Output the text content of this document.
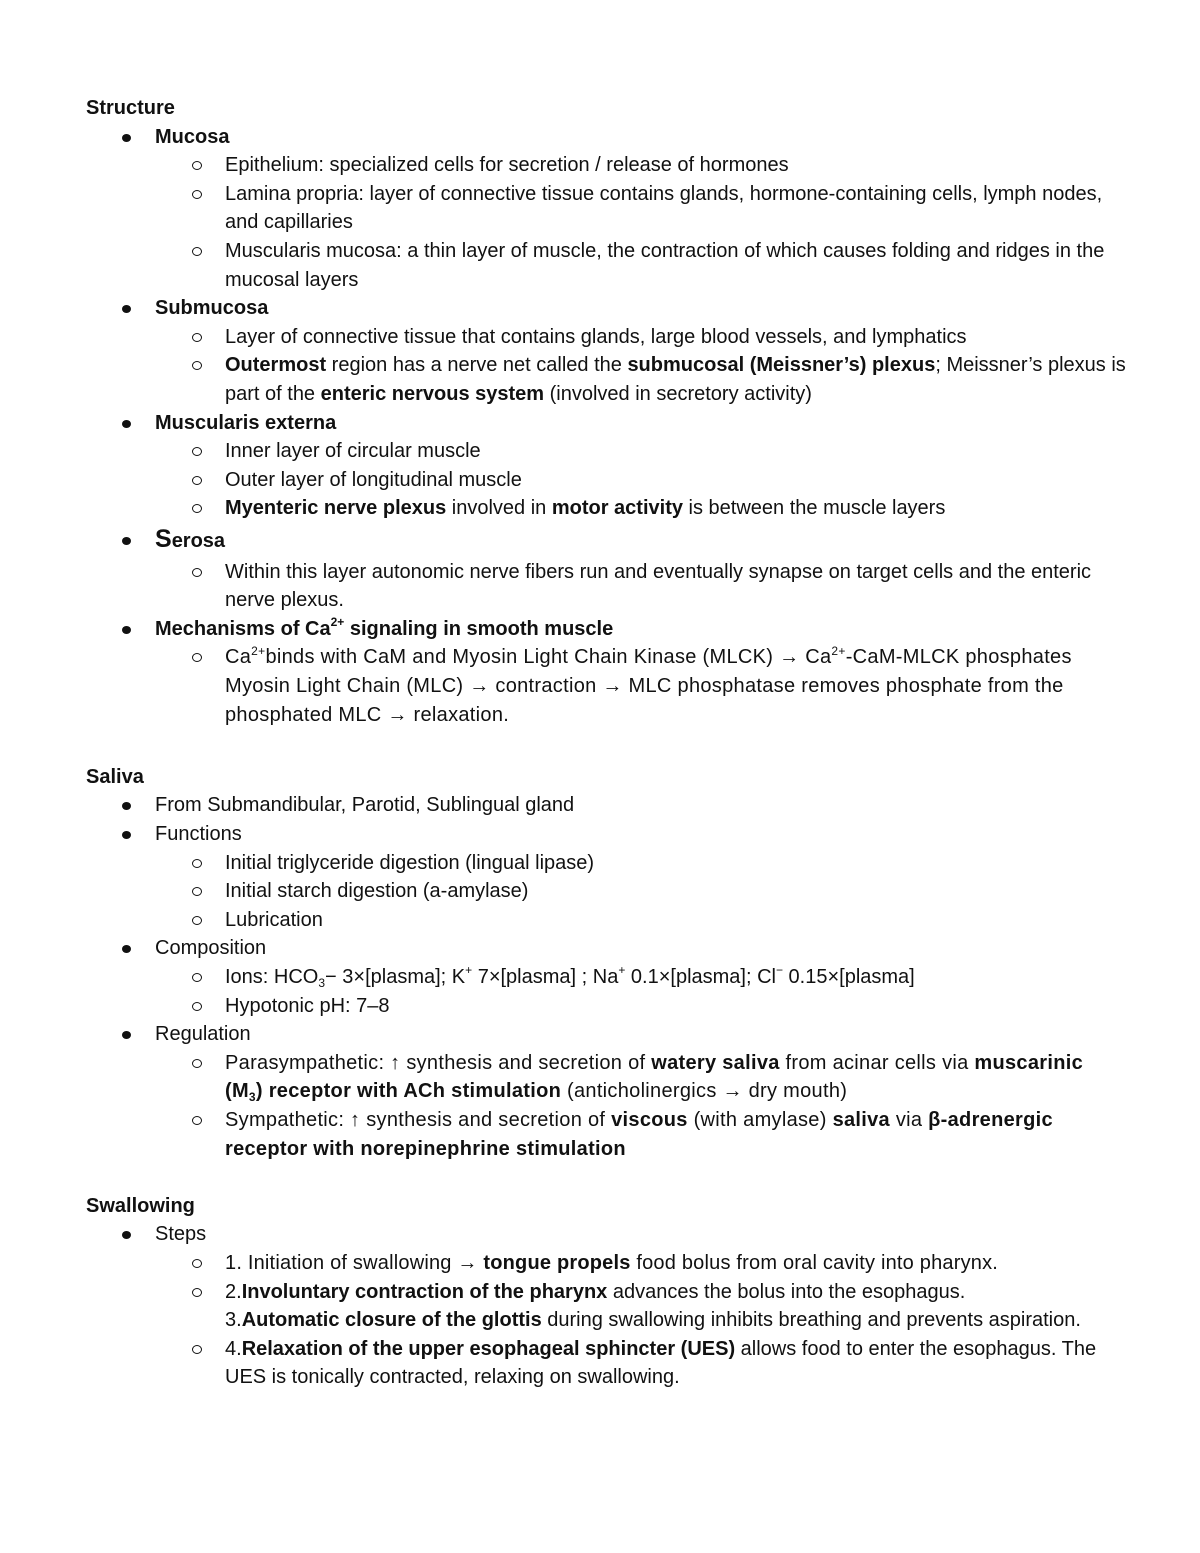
Structure
Mucosa
Epithelium: specialized cells for secretion / release of hormones
Lamina propria: layer of connective tissue contains glands, hormone-containing cells, lymph nodes, and capillaries
Muscularis mucosa: a thin layer of muscle, the contraction of which causes folding and ridges in the mucosal layers
Submucosa
Layer of connective tissue that contains glands, large blood vessels, and lymphatics
Outermost region has a nerve net called the submucosal (Meissner’s) plexus; Meissner’s plexus is part of the enteric nervous system (involved in secretory activity)
Muscularis externa
Inner layer of circular muscle
Outer layer of longitudinal muscle
Myenteric nerve plexus involved in motor activity is between the muscle layers
Serosa
Within this layer autonomic nerve fibers run and eventually synapse on target cells and the enteric nerve plexus.
Mechanisms of $Ca^{2+}$ signaling in smooth muscle
$Ca^{2+}binds$ with CaM and Myosin Light Chain Kinase (MLCK) → $Ca^{2+}-CaM$-MLCK phosphates Myosin Light Chain (MLC) → contraction → MLC phosphatase removes phosphate from the phosphated MLC → relaxation.
Saliva
From Submandibular, Parotid, Sublingual gland
Functions
Initial triglyceride digestion (lingual lipase)
Initial starch digestion (a-amylase)
Lubrication
Composition
Ions: $HCO_3-$ 3×[plasma]; K+ 7×[plasma] ; Na+ 0.1×[plasma]; Cl− 0.15×[plasma]
Hypotonic pH: 7–8
Regulation
Parasympathetic: ↑ synthesis and secretion of watery saliva from acinar cells via muscarinic $(M_3)$ receptor with ACh stimulation (anticholinergics → dry mouth)
Sympathetic: ↑ synthesis and secretion of viscous (with amylase) saliva via β-adrenergic receptor with norepinephrine stimulation
Swallowing
Steps
1. Initiation of swallowing → tongue propels food bolus from oral cavity into pharynx.
2.Involuntary contraction of the pharynx advances the bolus into the esophagus.
3.Automatic closure of the glottis during swallowing inhibits breathing and prevents aspiration.
4.Relaxation of the upper esophageal sphincter (UES) allows food to enter the esophagus. The UES is tonically contracted, relaxing on swallowing.
